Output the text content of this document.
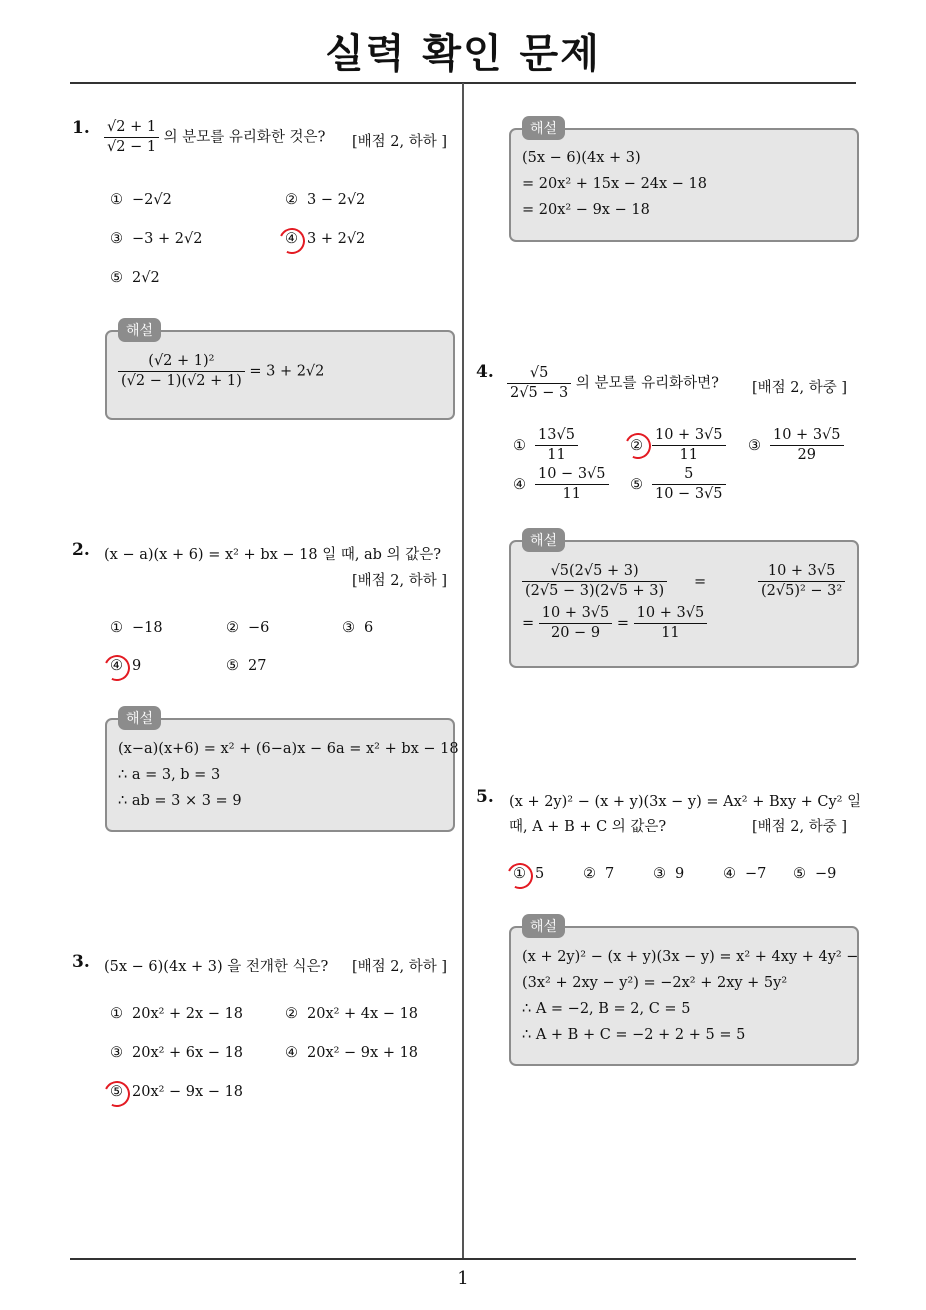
실력 확인 문제
1
1. $\frac{√2 + 1}{√2 - 1}$ 의 분모를 유리화한 것은? [배점 2, 하하 ]
① −2√2	② 3 − 2√2
③ −3 + 2√2	④ 3 + 2√2
⑤ 2√2
해설
$\frac{\text{(√2 + 1)²}}{(√2 - 1)(√2 + 1)} = 3 + 2√2$
2. (x − a)(x + 6) = x² + bx − 18 일 때, ab 의 값은?
[배점 2, 하하 ]
① −18	② −6	③ 6
④ 9	⑤ 27
해설
(x−a)(x+6) = x² + (6−a)x − 6a = x² + bx − 18
∴ a = 3, b = 3
∴ ab = 3 × 3 = 9
3. (5x − 6)(4x + 3) 을 전개한 식은? [배점 2, 하하 ]
① 20x² + 2x − 18	② 20x² + 4x − 18
③ 20x² + 6x − 18	④ 20x² − 9x + 18
⑤ 20x² − 9x − 18
해설
(5x − 6)(4x + 3)
= 20x² + 15x − 24x − 18
= 20x² − 9x − 18
4. $\frac{√5}{2√5 - 3}$ 의 분모를 유리화하면? [배점 2, 하중 ]
① $\frac{13√5}{11}$	② $\frac{10 + 3√5}{11}$ ③ $\frac{10 + 3√5}{29}$
④ $\frac{10 - 3√5}{11}$ ⑤ $\frac{5}{10 - 3√5}$
해설
$\frac{√5(2√5 + 3)}{(2√5 - 3)(2√5 + 3)}$ =	$\frac{10 + 3√5}{\text{(2√5)² − 3²}}$
= $\frac{10 + 3√5}{20 - 9} = \frac{10 + 3√5}{11}$
5. (x + 2y)² − (x + y)(3x − y) = Ax² + Bxy + Cy² 일
때, A + B + C 의 값은?	[배점 2, 하중 ]
① 5	② 7	③ 9	④ −7 ⑤ −9
해설
(x + 2y)² − (x + y)(3x − y) = x² + 4xy + 4y² −
(3x² + 2xy − y²) = −2x² + 2xy + 5y²
∴ A = −2, B = 2, C = 5
∴ A + B + C = −2 + 2 + 5 = 5
